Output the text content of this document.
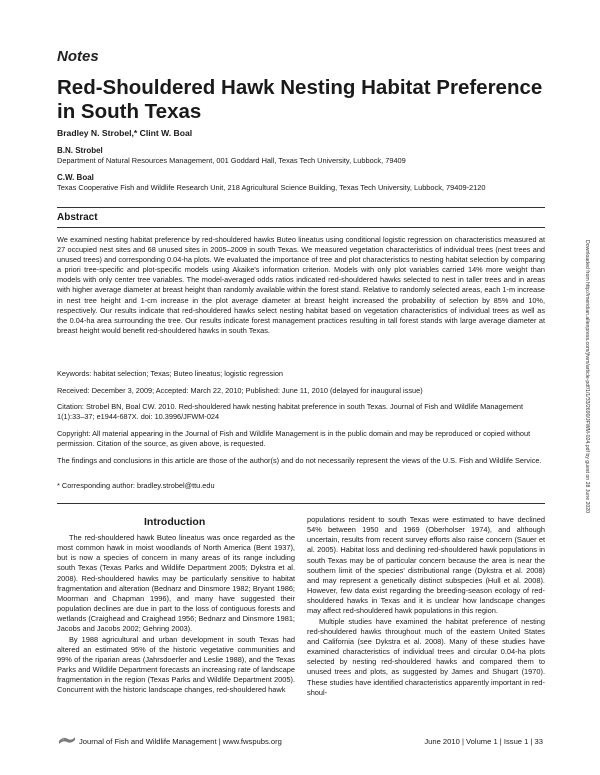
Notes
Red-Shouldered Hawk Nesting Habitat Preference in South Texas
Bradley N. Strobel,* Clint W. Boal
B.N. Strobel
Department of Natural Resources Management, 001 Goddard Hall, Texas Tech University, Lubbock, 79409
C.W. Boal
Texas Cooperative Fish and Wildlife Research Unit, 218 Agricultural Science Building, Texas Tech University, Lubbock, 79409-2120
Abstract
We examined nesting habitat preference by red-shouldered hawks Buteo lineatus using conditional logistic regression on characteristics measured at 27 occupied nest sites and 68 unused sites in 2005–2009 in south Texas. We measured vegetation characteristics of individual trees (nest trees and unused trees) and corresponding 0.04-ha plots. We evaluated the importance of tree and plot characteristics to nesting habitat selection by comparing a priori tree-specific and plot-specific models using Akaike's information criterion. Models with only plot variables carried 14% more weight than models with only center tree variables. The model-averaged odds ratios indicated red-shouldered hawks selected to nest in taller trees and in areas with higher average diameter at breast height than randomly available within the forest stand. Relative to randomly selected areas, each 1-m increase in nest tree height and 1-cm increase in the plot average diameter at breast height increased the probability of selection by 85% and 10%, respectively. Our results indicate that red-shouldered hawks select nesting habitat based on vegetation characteristics of individual trees as well as the 0.04-ha area surrounding the tree. Our results indicate forest management practices resulting in tall forest stands with large average diameter at breast height would benefit red-shouldered hawks in south Texas.
Keywords: habitat selection; Texas; Buteo lineatus; logistic regression
Received: December 3, 2009; Accepted: March 22, 2010; Published: June 11, 2010 (delayed for inaugural issue)
Citation: Strobel BN, Boal CW. 2010. Red-shouldered hawk nesting habitat preference in south Texas. Journal of Fish and Wildlife Management 1(1):33–37; e1944-687X. doi: 10.3996/JFWM-024
Copyright: All material appearing in the Journal of Fish and Wildlife Management is in the public domain and may be reproduced or copied without permission. Citation of the source, as given above, is requested.
The findings and conclusions in this article are those of the author(s) and do not necessarily represent the views of the U.S. Fish and Wildlife Service.
* Corresponding author: bradley.strobel@ttu.edu
Introduction

The red-shouldered hawk Buteo lineatus was once regarded as the most common hawk in moist woodlands of North America (Bent 1937), but is now a species of concern in many areas of its range including south Texas (Texas Parks and Wildlife Department 2005; Dykstra et al. 2008). Red-shouldered hawks may be particularly sensitive to habitat fragmentation and alteration (Bednarz and Dinsmore 1982; Bryant 1986; Moorman and Chapman 1996), and many have suggested their population declines are due in part to the loss of contiguous forests and wetlands (Craighead and Craighead 1956; Bednarz and Dinsmore 1981; Jacobs and Jacobs 2002; Gehring 2003).

By 1988 agricultural and urban development in south Texas had altered an estimated 95% of the historic vegetative communities and 99% of the riparian areas (Jahrsdoerfer and Leslie 1988), and the Texas Parks and Wildlife Department forecasts an increasing rate of landscape fragmentation in the region (Texas Parks and Wildlife Department 2005). Concurrent with the historic landscape changes, red-shouldered hawk

populations resident to south Texas were estimated to have declined 54% between 1950 and 1969 (Oberholser 1974), and although uncertain, results from recent survey efforts also raise concern (Sauer et al. 2005). Habitat loss and declining red-shouldered hawk populations in south Texas may be of particular concern because the area is near the southern limit of the species' distributional range (Dykstra et al. 2008) and may represent a genetically distinct subspecies (Hull et al. 2008). However, few data exist regarding the breeding-season ecology of red-shouldered hawks in Texas and it is unclear how landscape changes may affect red-shouldered hawk populations in this region.

Multiple studies have examined the habitat preference of nesting red-shouldered hawks throughout much of the eastern United States and California (see Dykstra et al. 2008). Many of these studies have examined characteristics of individual trees and circular 0.04-ha plots selected by nesting red-shouldered hawks and compared them to unused trees and plots, as suggested by James and Shugart (1970). These studies have identified characteristics apparently important in red-shoul-

Downloaded from http://meridian.allenpress.com/jfwm/article-pdf/1/1/33/2690/JFWM-024.pdf by guest on 28 June 2020
Journal of Fish and Wildlife Management | www.fwspubs.org	June 2010 | Volume 1 | Issue 1 | 33
